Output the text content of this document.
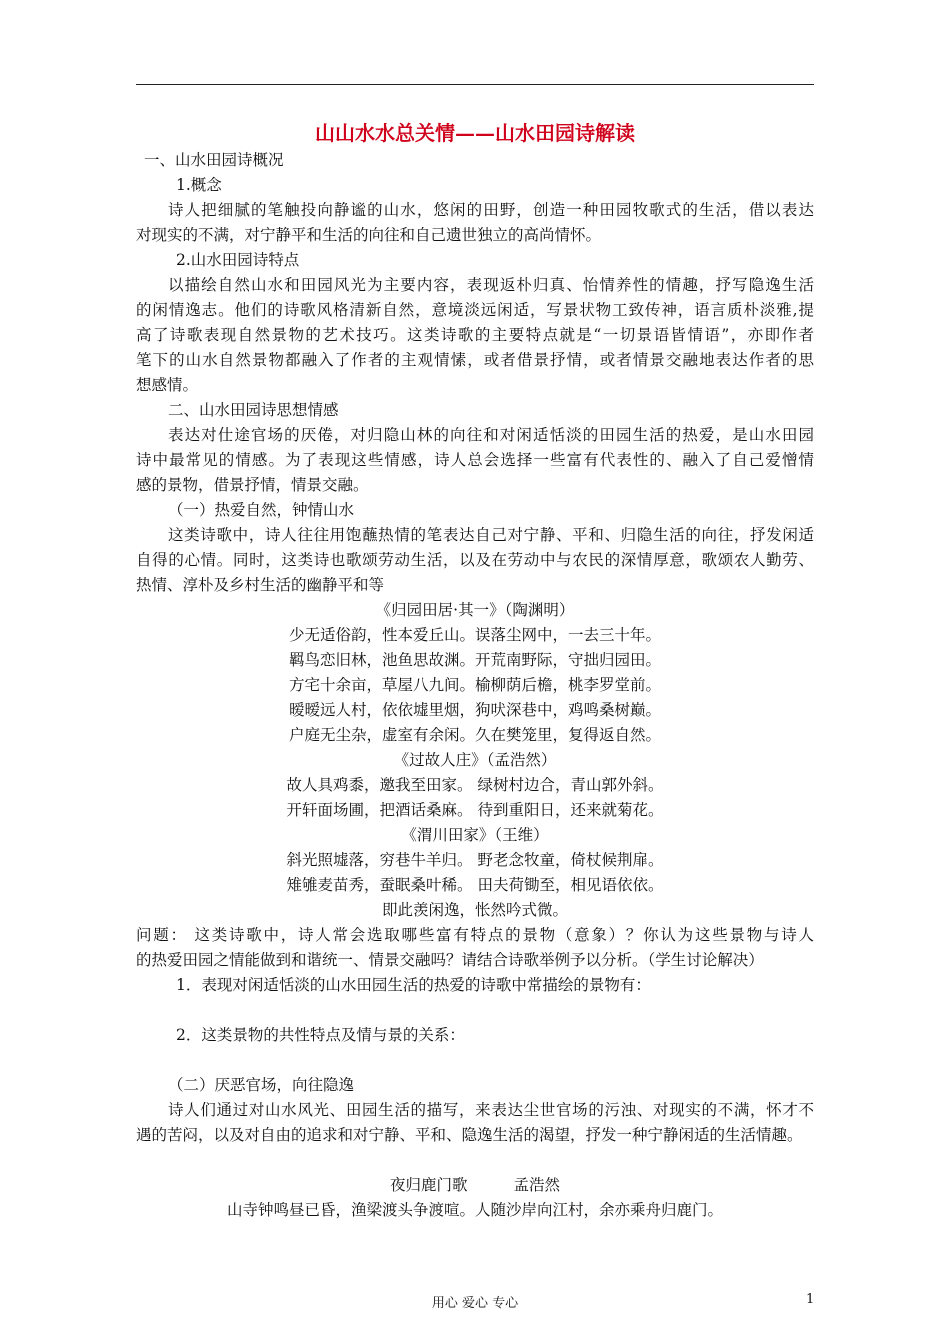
山山水水总关情——山水田园诗解读
一、山水田园诗概况
1.概念
诗人把细腻的笔触投向静谧的山水，悠闲的田野，创造一种田园牧歌式的生活，借以表达
对现实的不满，对宁静平和生活的向往和自己遗世独立的高尚情怀。
2.山水田园诗特点
以描绘自然山水和田园风光为主要内容，表现返朴归真、怡情养性的情趣，抒写隐逸生活
的闲情逸志。他们的诗歌风格清新自然，意境淡远闲适，写景状物工致传神，语言质朴淡雅,提
高了诗歌表现自然景物的艺术技巧。这类诗歌的主要特点就是“一切景语皆情语”，亦即作者
笔下的山水自然景物都融入了作者的主观情愫，或者借景抒情，或者情景交融地表达作者的思
想感情。
二、山水田园诗思想情感
表达对仕途官场的厌倦，对归隐山林的向往和对闲适恬淡的田园生活的热爱，是山水田园
诗中最常见的情感。为了表现这些情感，诗人总会选择一些富有代表性的、融入了自己爱憎情
感的景物，借景抒情，情景交融。
（一）热爱自然，钟情山水
这类诗歌中，诗人往往用饱蘸热情的笔表达自己对宁静、平和、归隐生活的向往，抒发闲适
自得的心情。同时，这类诗也歌颂劳动生活，以及在劳动中与农民的深情厚意，歌颂农人勤劳、
热情、淳朴及乡村生活的幽静平和等
《归园田居·其一》（陶渊明）
少无适俗韵，性本爱丘山。误落尘网中，一去三十年。
羁鸟恋旧林，池鱼思故渊。开荒南野际，守拙归园田。
方宅十余亩，草屋八九间。榆柳荫后檐，桃李罗堂前。
暧暧远人村，依依墟里烟，狗吠深巷中，鸡鸣桑树巅。
户庭无尘杂，虚室有余闲。久在樊笼里，复得返自然。
《过故人庄》（孟浩然）
故人具鸡黍，邀我至田家。 绿树村边合，青山郭外斜。
开轩面场圃，把酒话桑麻。 待到重阳日，还来就菊花。
《渭川田家》（王维）
斜光照墟落，穷巷牛羊归。 野老念牧童，倚杖候荆扉。
雉雊麦苗秀，蚕眠桑叶稀。 田夫荷锄至，相见语依依。
即此羡闲逸，怅然吟式微。
问题： 这类诗歌中，诗人常会选取哪些富有特点的景物（意象）？你认为这些景物与诗人
的热爱田园之情能做到和谐统一、情景交融吗？请结合诗歌举例予以分析。（学生讨论解决）
1．表现对闲适恬淡的山水田园生活的热爱的诗歌中常描绘的景物有：
2．这类景物的共性特点及情与景的关系：
（二）厌恶官场，向往隐逸
诗人们通过对山水风光、田园生活的描写，来表达尘世官场的污浊、对现实的不满，怀才不
遇的苦闷，以及对自由的追求和对宁静、平和、隐逸生活的渴望，抒发一种宁静闲适的生活情趣。
夜归鹿门歌	孟浩然
山寺钟鸣昼已昏，渔梁渡头争渡喧。人随沙岸向江村，余亦乘舟归鹿门。
用心 爱心 专心	1
